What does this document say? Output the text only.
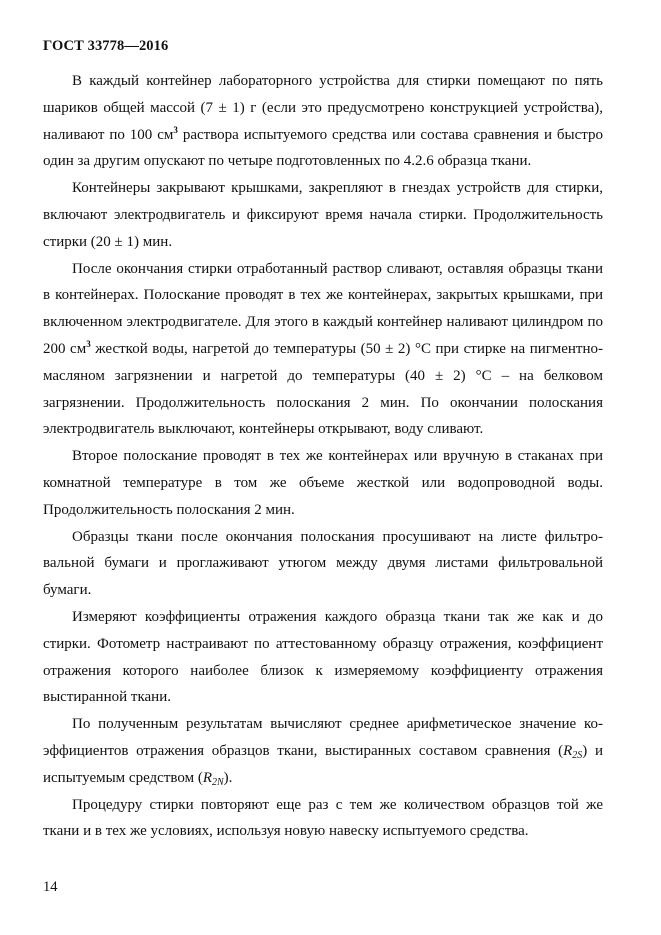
ГОСТ 33778—2016

В каждый контейнер лабораторного устройства для стирки помещают по пять шариков общей массой (7 ± 1) г (если это предусмотрено конструкцией устройства), наливают по 100 $см^3$ раствора испытуемого средства или состава сравнения и быстро один за другим опускают по четыре подготовленных по 4.2.6 образца ткани.

Контейнеры закрывают крышками, закрепляют в гнездах устройств для стирки, включают электродвигатель и фиксируют время начала стирки. Продолжительность стирки (20 ± 1) мин.

После окончания стирки отработанный раствор сливают, оставляя образцы ткани в контейнерах. Полоскание проводят в тех же контейнерах, закрытых крышками, при включенном электродвигателе. Для этого в каждый контейнер наливают цилиндром по 200 $см^3$ жесткой воды, нагретой до температуры (50 ± 2) °С при стирке на пигментно-масляном загрязнении и нагретой до температуры (40 ± 2) °С – на белковом загрязнении. Продолжительность полоскания 2 мин. По окончании полоскания электродвигатель выключают, контейнеры открывают, воду сливают.

Второе полоскание проводят в тех же контейнерах или вручную в стаканах при комнатной температуре в том же объеме жесткой или водопроводной воды. Продолжительность полоскания 2 мин.

Образцы ткани после окончания полоскания просушивают на листе фильтровальной бумаги и проглаживают утюгом между двумя листами фильтровальной бумаги.

Измеряют коэффициенты отражения каждого образца ткани так же как и до стирки. Фотометр настраивают по аттестованному образцу отражения, коэффициент отражения которого наиболее близок к измеряемому коэффициенту отражения выстиранной ткани.

По полученным результатам вычисляют среднее арифметическое значение коэффициентов отражения образцов ткани, выстиранных составом сравнения $(R_{2S})$ и испытуемым средством $(R_{2N})$.

Процедуру стирки повторяют еще раз с тем же количеством образцов той же ткани и в тех же условиях, используя новую навеску испытуемого средства.

14
